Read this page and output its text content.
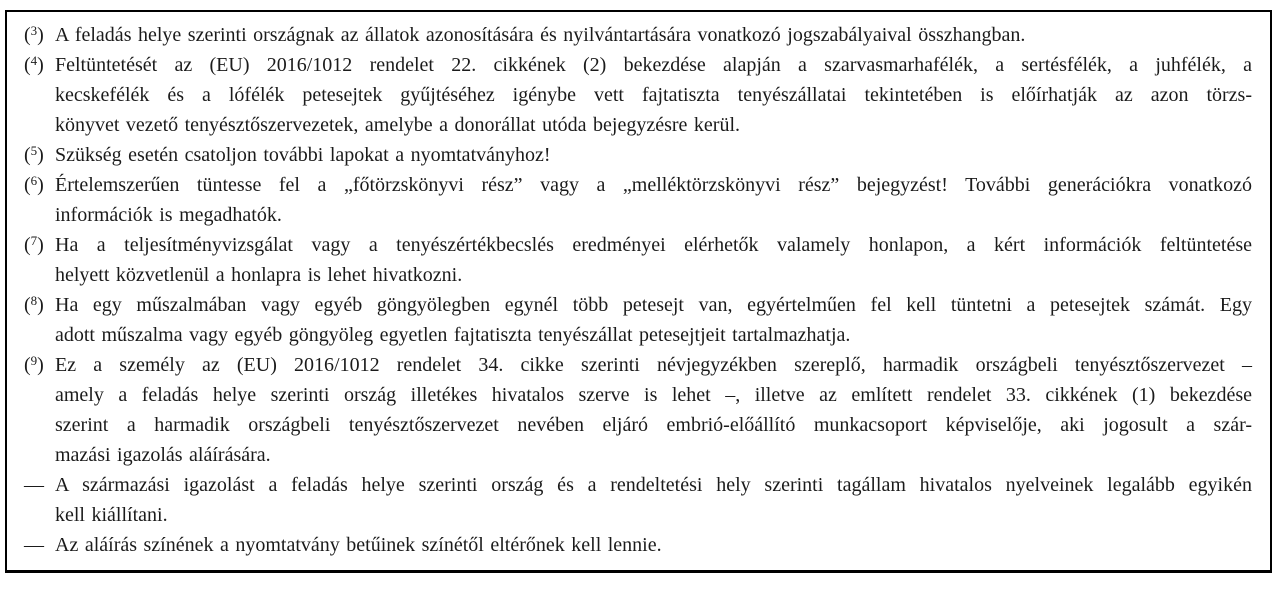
($^3$) A feladás helye szerinti országnak az állatok azonosítására és nyilvántartására vonatkozó jogszabályaival összhangban.
($^4$) Feltüntetését az (EU) 2016/1012 rendelet 22. cikkének (2) bekezdése alapján a szarvasmarhafélék, a sertésfélék, a juhfélék, a
kecskefélék és a lófélék petesejtek gyűjtéséhez igénybe vett fajtatiszta tenyészállatai tekintetében is előírhatják az azon törzs-
könyvet vezető tenyésztőszervezetek, amelybe a donorállat utóda bejegyzésre kerül.
($^5$) Szükség esetén csatoljon további lapokat a nyomtatványhoz!
($^6$) Értelemszerűen tüntesse fel a „főtörzskönyvi rész” vagy a „melléktörzskönyvi rész” bejegyzést! További generációkra vonatkozó
információk is megadhatók.
($^7$) Ha a teljesítményvizsgálat vagy a tenyészértékbecslés eredményei elérhetők valamely honlapon, a kért információk feltüntetése
helyett közvetlenül a honlapra is lehet hivatkozni.
($^8$) Ha egy műszalmában vagy egyéb göngyölegben egynél több petesejt van, egyértelműen fel kell tüntetni a petesejtek számát. Egy
adott műszalma vagy egyéb göngyöleg egyetlen fajtatiszta tenyészállat petesejtjeit tartalmazhatja.
($^9$) Ez a személy az (EU) 2016/1012 rendelet 34. cikke szerinti névjegyzékben szereplő, harmadik országbeli tenyésztőszervezet –
amely a feladás helye szerinti ország illetékes hivatalos szerve is lehet –, illetve az említett rendelet 33. cikkének (1) bekezdése
szerint a harmadik országbeli tenyésztőszervezet nevében eljáró embrió-előállító munkacsoport képviselője, aki jogosult a szár-
mazási igazolás aláírására.
— A származási igazolást a feladás helye szerinti ország és a rendeltetési hely szerinti tagállam hivatalos nyelveinek legalább egyikén
kell kiállítani.
— Az aláírás színének a nyomtatvány betűinek színétől eltérőnek kell lennie.
